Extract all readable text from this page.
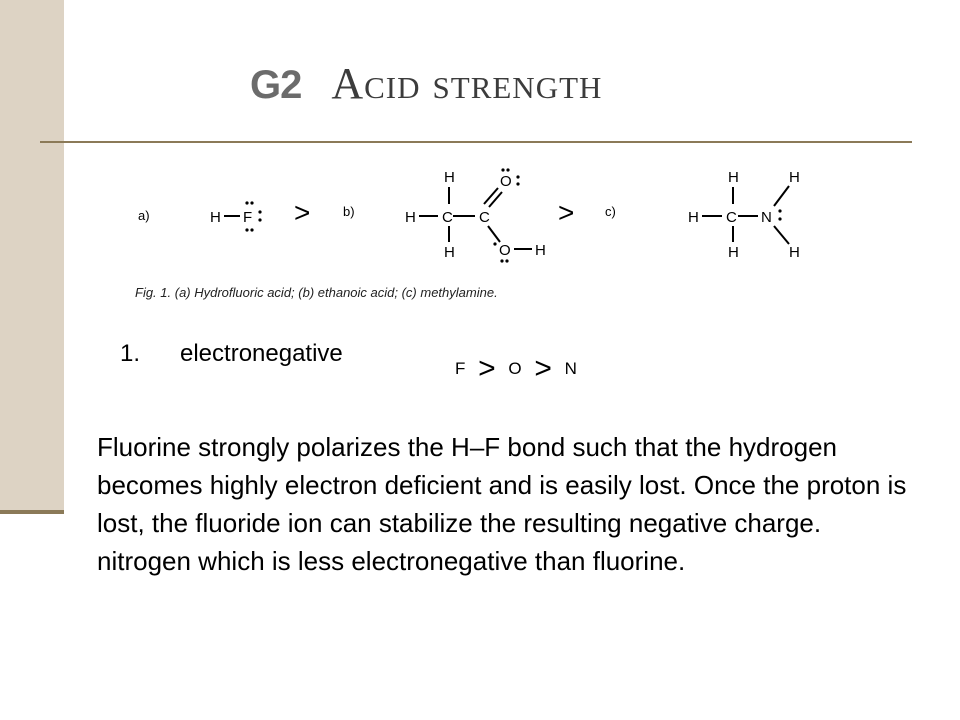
G2 Acid strength
a)	b)	c)
>	>
H F	H C C
H
H
O
O H
H C
H
H
N
H
H
Fig. 1. (a) Hydrofluoric acid; (b) ethanoic acid; (c) methylamine.
1. electronegative
F > O > N
Fluorine strongly polarizes the H–F bond such that the hydrogen becomes highly electron deficient and is easily lost. Once the proton is lost, the fluoride ion can stabilize the resulting negative charge. nitrogen which is less electronegative than fluorine.
